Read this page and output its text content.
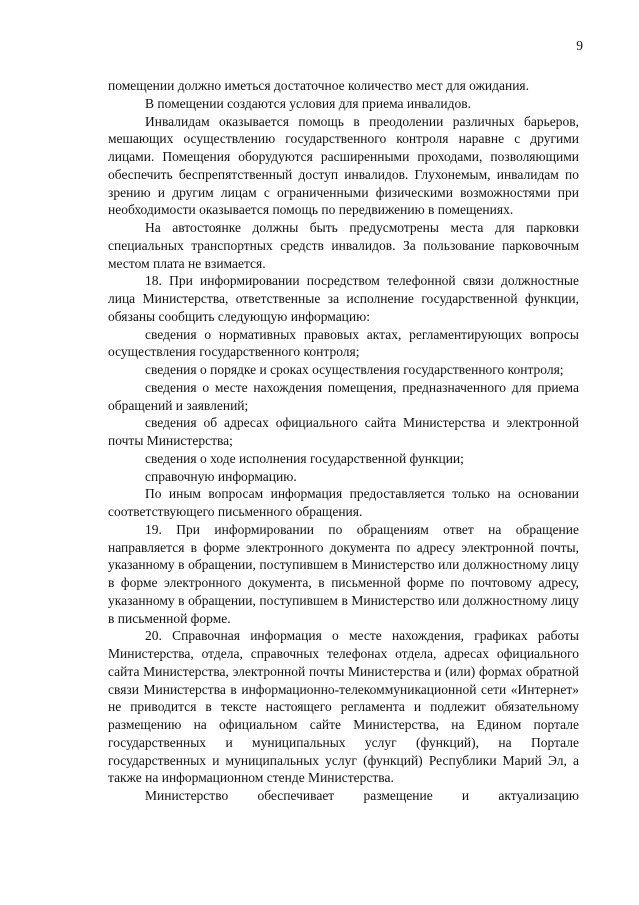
9

помещении должно иметься достаточное количество мест для ожидания.

В помещении создаются условия для приема инвалидов.

Инвалидам оказывается помощь в преодолении различных барьеров, мешающих осуществлению государственного контроля наравне с другими лицами. Помещения оборудуются расширенными проходами, позволяющими обеспечить беспрепятственный доступ инвалидов. Глухонемым, инвалидам по зрению и другим лицам с ограниченными физическими возможностями при необходимости оказывается помощь по передвижению в помещениях.

На автостоянке должны быть предусмотрены места для парковки специальных транспортных средств инвалидов. За пользование парковочным местом плата не взимается.

18. При информировании посредством телефонной связи должностные лица Министерства, ответственные за исполнение государственной функции, обязаны сообщить следующую информацию:

сведения о нормативных правовых актах, регламентирующих вопросы осуществления государственного контроля;

сведения о порядке и сроках осуществления государственного контроля;

сведения о месте нахождения помещения, предназначенного для приема обращений и заявлений;

сведения об адресах официального сайта Министерства и электронной почты Министерства;

сведения о ходе исполнения государственной функции;

справочную информацию.

По иным вопросам информация предоставляется только на основании соответствующего письменного обращения.

19. При информировании по обращениям ответ на обращение направляется в форме электронного документа по адресу электронной почты, указанному в обращении, поступившем в Министерство или должностному лицу в форме электронного документа, в письменной форме по почтовому адресу, указанному в обращении, поступившем в Министерство или должностному лицу в письменной форме.

20. Справочная информация о месте нахождения, графиках работы Министерства, отдела, справочных телефонах отдела, адресах официального сайта Министерства, электронной почты Министерства и (или) формах обратной связи Министерства в информационно-телекоммуникационной сети «Интернет» не приводится в тексте настоящего регламента и подлежит обязательному размещению на официальном сайте Министерства, на Едином портале государственных и муниципальных услуг (функций), на Портале государственных и муниципальных услуг (функций) Республики Марий Эл, а также на информационном стенде Министерства.

Министерство обеспечивает размещение и актуализацию
